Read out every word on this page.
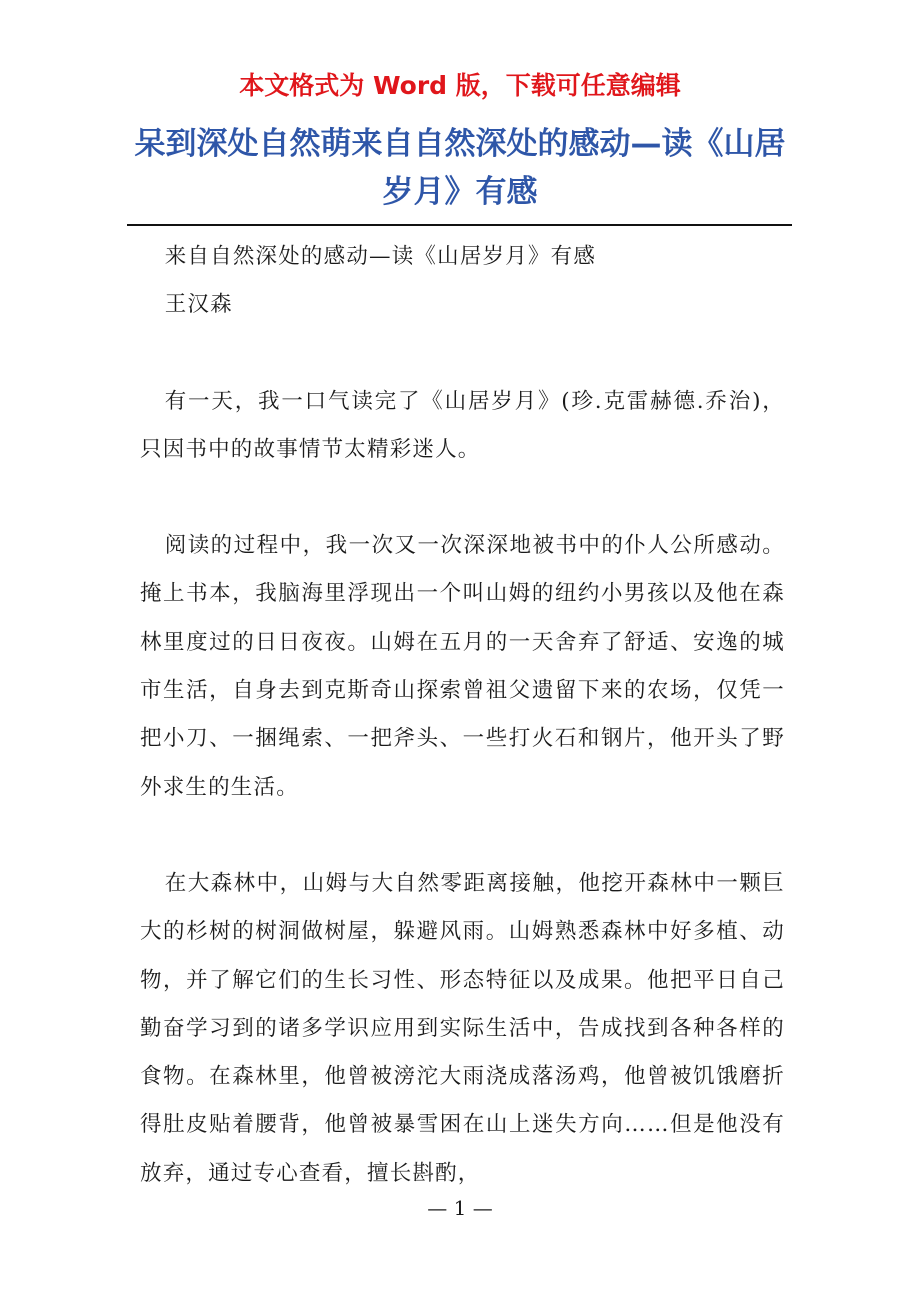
本文格式为 Word 版，下载可任意编辑
呆到深处自然萌来自自然深处的感动—读《山居岁月》有感

来自自然深处的感动—读《山居岁月》有感

王汉森

有一天，我一口气读完了《山居岁月》(珍.克雷赫德.乔治)，只因书中的故事情节太精彩迷人。

阅读的过程中，我一次又一次深深地被书中的仆人公所感动。掩上书本，我脑海里浮现出一个叫山姆的纽约小男孩以及他在森林里度过的日日夜夜。山姆在五月的一天舍弃了舒适、安逸的城市生活，自身去到克斯奇山探索曾祖父遗留下来的农场，仅凭一把小刀、一捆绳索、一把斧头、一些打火石和钢片，他开头了野外求生的生活。

在大森林中，山姆与大自然零距离接触，他挖开森林中一颗巨大的杉树的树洞做树屋，躲避风雨。山姆熟悉森林中好多植、动物，并了解它们的生长习性、形态特征以及成果。他把平日自己勤奋学习到的诸多学识应用到实际生活中，告成找到各种各样的食物。在森林里，他曾被滂沱大雨浇成落汤鸡，他曾被饥饿磨折得肚皮贴着腰背，他曾被暴雪困在山上迷失方向……但是他没有放弃，通过专心查看，擅长斟酌，

— 1 —
